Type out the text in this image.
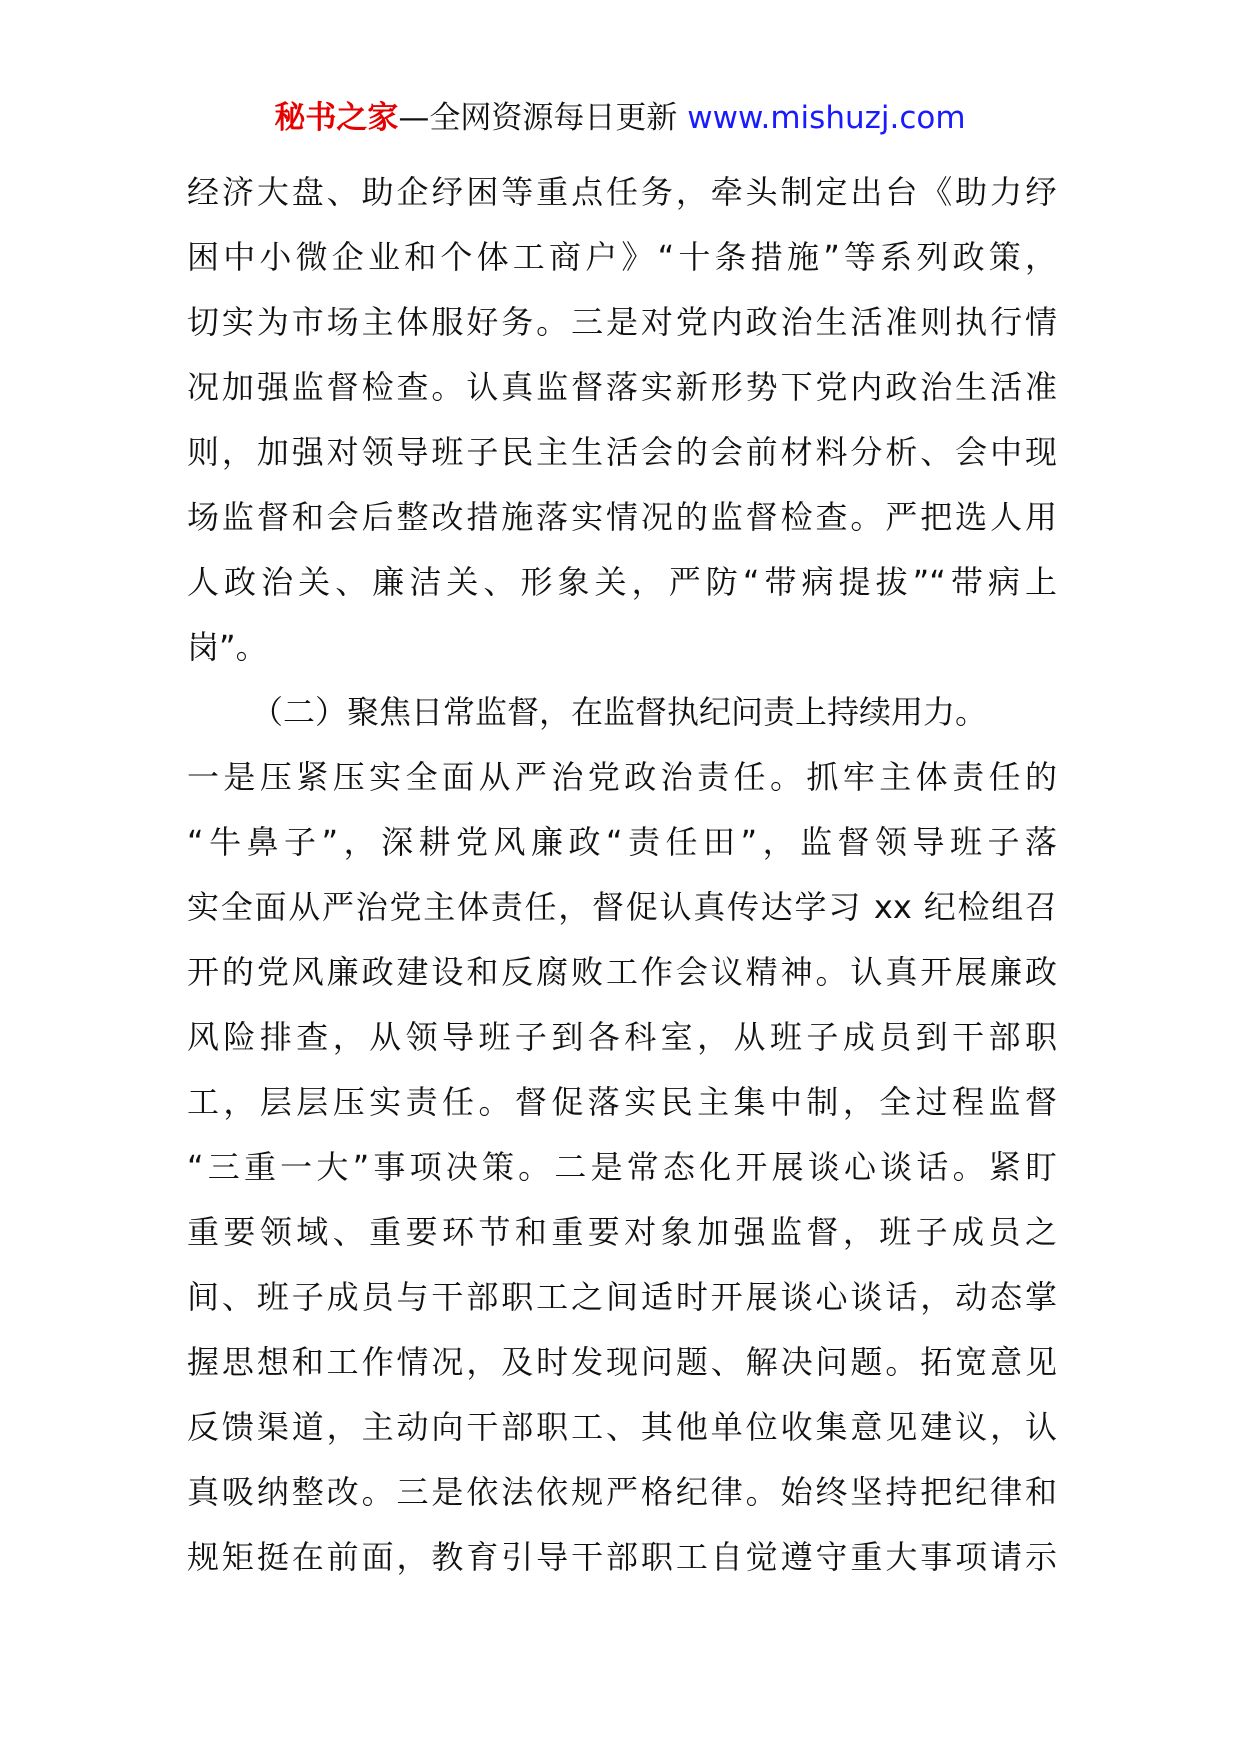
秘书之家—全网资源每日更新 www.mishuzj.com
经济大盘、助企纾困等重点任务，牵头制定出台《助力纾
困中小微企业和个体工商户》“十条措施”等系列政策，
切实为市场主体服好务。三是对党内政治生活准则执行情
况加强监督检查。认真监督落实新形势下党内政治生活准
则，加强对领导班子民主生活会的会前材料分析、会中现
场监督和会后整改措施落实情况的监督检查。严把选人用
人政治关、廉洁关、形象关，严防“带病提拔”“带病上
岗”。
（二）聚焦日常监督，在监督执纪问责上持续用力。
一是压紧压实全面从严治党政治责任。抓牢主体责任的
“牛鼻子”，深耕党风廉政“责任田”，监督领导班子落
实全面从严治党主体责任，督促认真传达学习 xx 纪检组召
开的党风廉政建设和反腐败工作会议精神。认真开展廉政
风险排查，从领导班子到各科室，从班子成员到干部职
工，层层压实责任。督促落实民主集中制，全过程监督
“三重一大”事项决策。二是常态化开展谈心谈话。紧盯
重要领域、重要环节和重要对象加强监督，班子成员之
间、班子成员与干部职工之间适时开展谈心谈话，动态掌
握思想和工作情况，及时发现问题、解决问题。拓宽意见
反馈渠道，主动向干部职工、其他单位收集意见建议，认
真吸纳整改。三是依法依规严格纪律。始终坚持把纪律和
规矩挺在前面，教育引导干部职工自觉遵守重大事项请示
